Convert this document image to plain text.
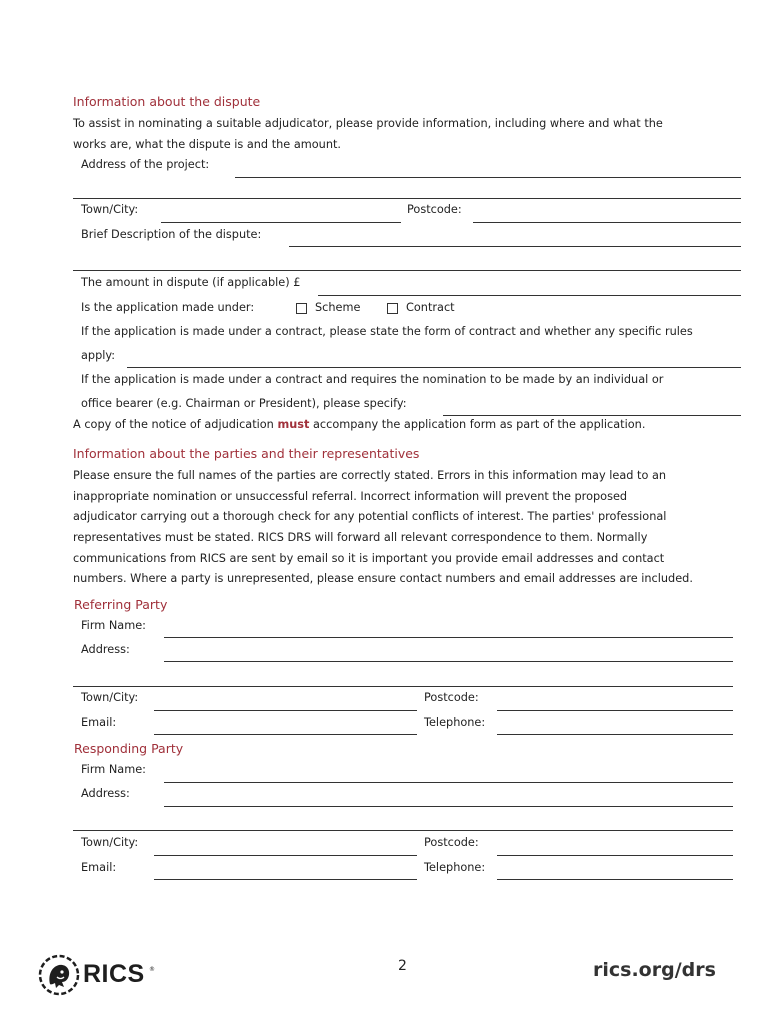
Information about the dispute
To assist in nominating a suitable adjudicator, please provide information, including where and what the
works are, what the dispute is and the amount.
Address of the project:
Town/City:	Postcode:
Brief Description of the dispute:
The amount in dispute (if applicable) £
Is the application made under:	Scheme	Contract
If the application is made under a contract, please state the form of contract and whether any specific rules
apply:
If the application is made under a contract and requires the nomination to be made by an individual or
office bearer (e.g. Chairman or President), please specify:
A copy of the notice of adjudication must accompany the application form as part of the application.
Information about the parties and their representatives
Please ensure the full names of the parties are correctly stated. Errors in this information may lead to an
inappropriate nomination or unsuccessful referral. Incorrect information will prevent the proposed
adjudicator carrying out a thorough check for any potential conflicts of interest. The parties' professional
representatives must be stated. RICS DRS will forward all relevant correspondence to them. Normally
communications from RICS are sent by email so it is important you provide email addresses and contact
numbers. Where a party is unrepresented, please ensure contact numbers and email addresses are included.
Referring Party
Firm Name:
Address:
Town/City:	Postcode:
Email:	Telephone:
Responding Party
Firm Name:
Address:
Town/City:	Postcode:
Email:	Telephone:
RICS ®	2	rics.org/drs
